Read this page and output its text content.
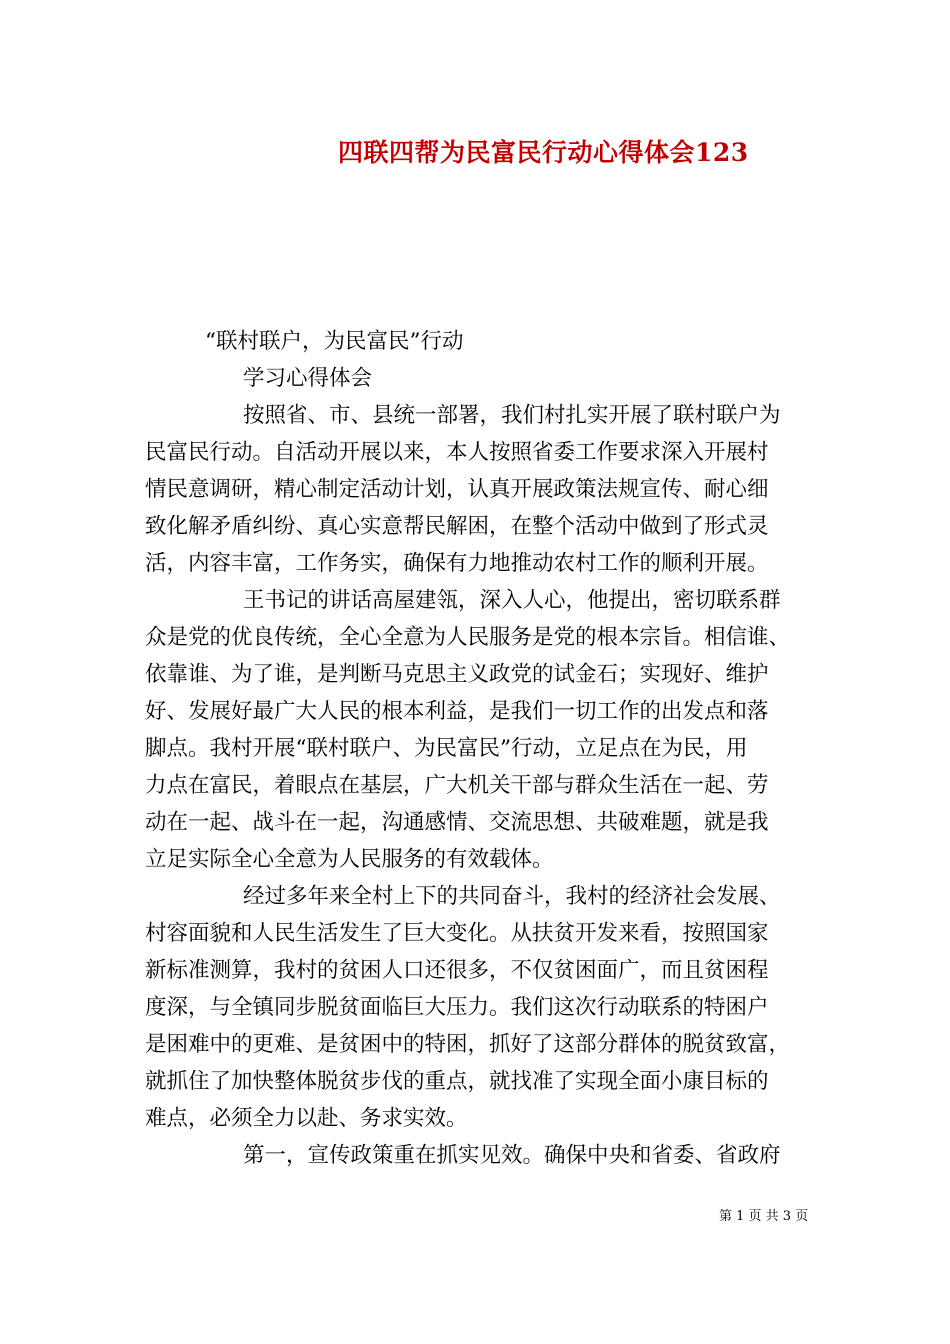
四联四帮为民富民行动心得体会123
“联村联户，为民富民”行动
学习心得体会
按照省、市、县统一部署，我们村扎实开展了联村联户为
民富民行动。自活动开展以来，本人按照省委工作要求深入开展村
情民意调研，精心制定活动计划，认真开展政策法规宣传、耐心细
致化解矛盾纠纷、真心实意帮民解困，在整个活动中做到了形式灵
活，内容丰富，工作务实，确保有力地推动农村工作的顺利开展。
王书记的讲话高屋建瓴，深入人心，他提出，密切联系群
众是党的优良传统，全心全意为人民服务是党的根本宗旨。相信谁、
依靠谁、为了谁，是判断马克思主义政党的试金石；实现好、维护
好、发展好最广大人民的根本利益，是我们一切工作的出发点和落
脚点。我村开展“联村联户、为民富民”行动，立足点在为民，用
力点在富民，着眼点在基层，广大机关干部与群众生活在一起、劳
动在一起、战斗在一起，沟通感情、交流思想、共破难题，就是我
立足实际全心全意为人民服务的有效载体。
经过多年来全村上下的共同奋斗，我村的经济社会发展、
村容面貌和人民生活发生了巨大变化。从扶贫开发来看，按照国家
新标准测算，我村的贫困人口还很多，不仅贫困面广，而且贫困程
度深，与全镇同步脱贫面临巨大压力。我们这次行动联系的特困户
是困难中的更难、是贫困中的特困，抓好了这部分群体的脱贫致富，
就抓住了加快整体脱贫步伐的重点，就找准了实现全面小康目标的
难点，必须全力以赴、务求实效。
第一，宣传政策重在抓实见效。确保中央和省委、省政府
第 1 页 共 3 页
